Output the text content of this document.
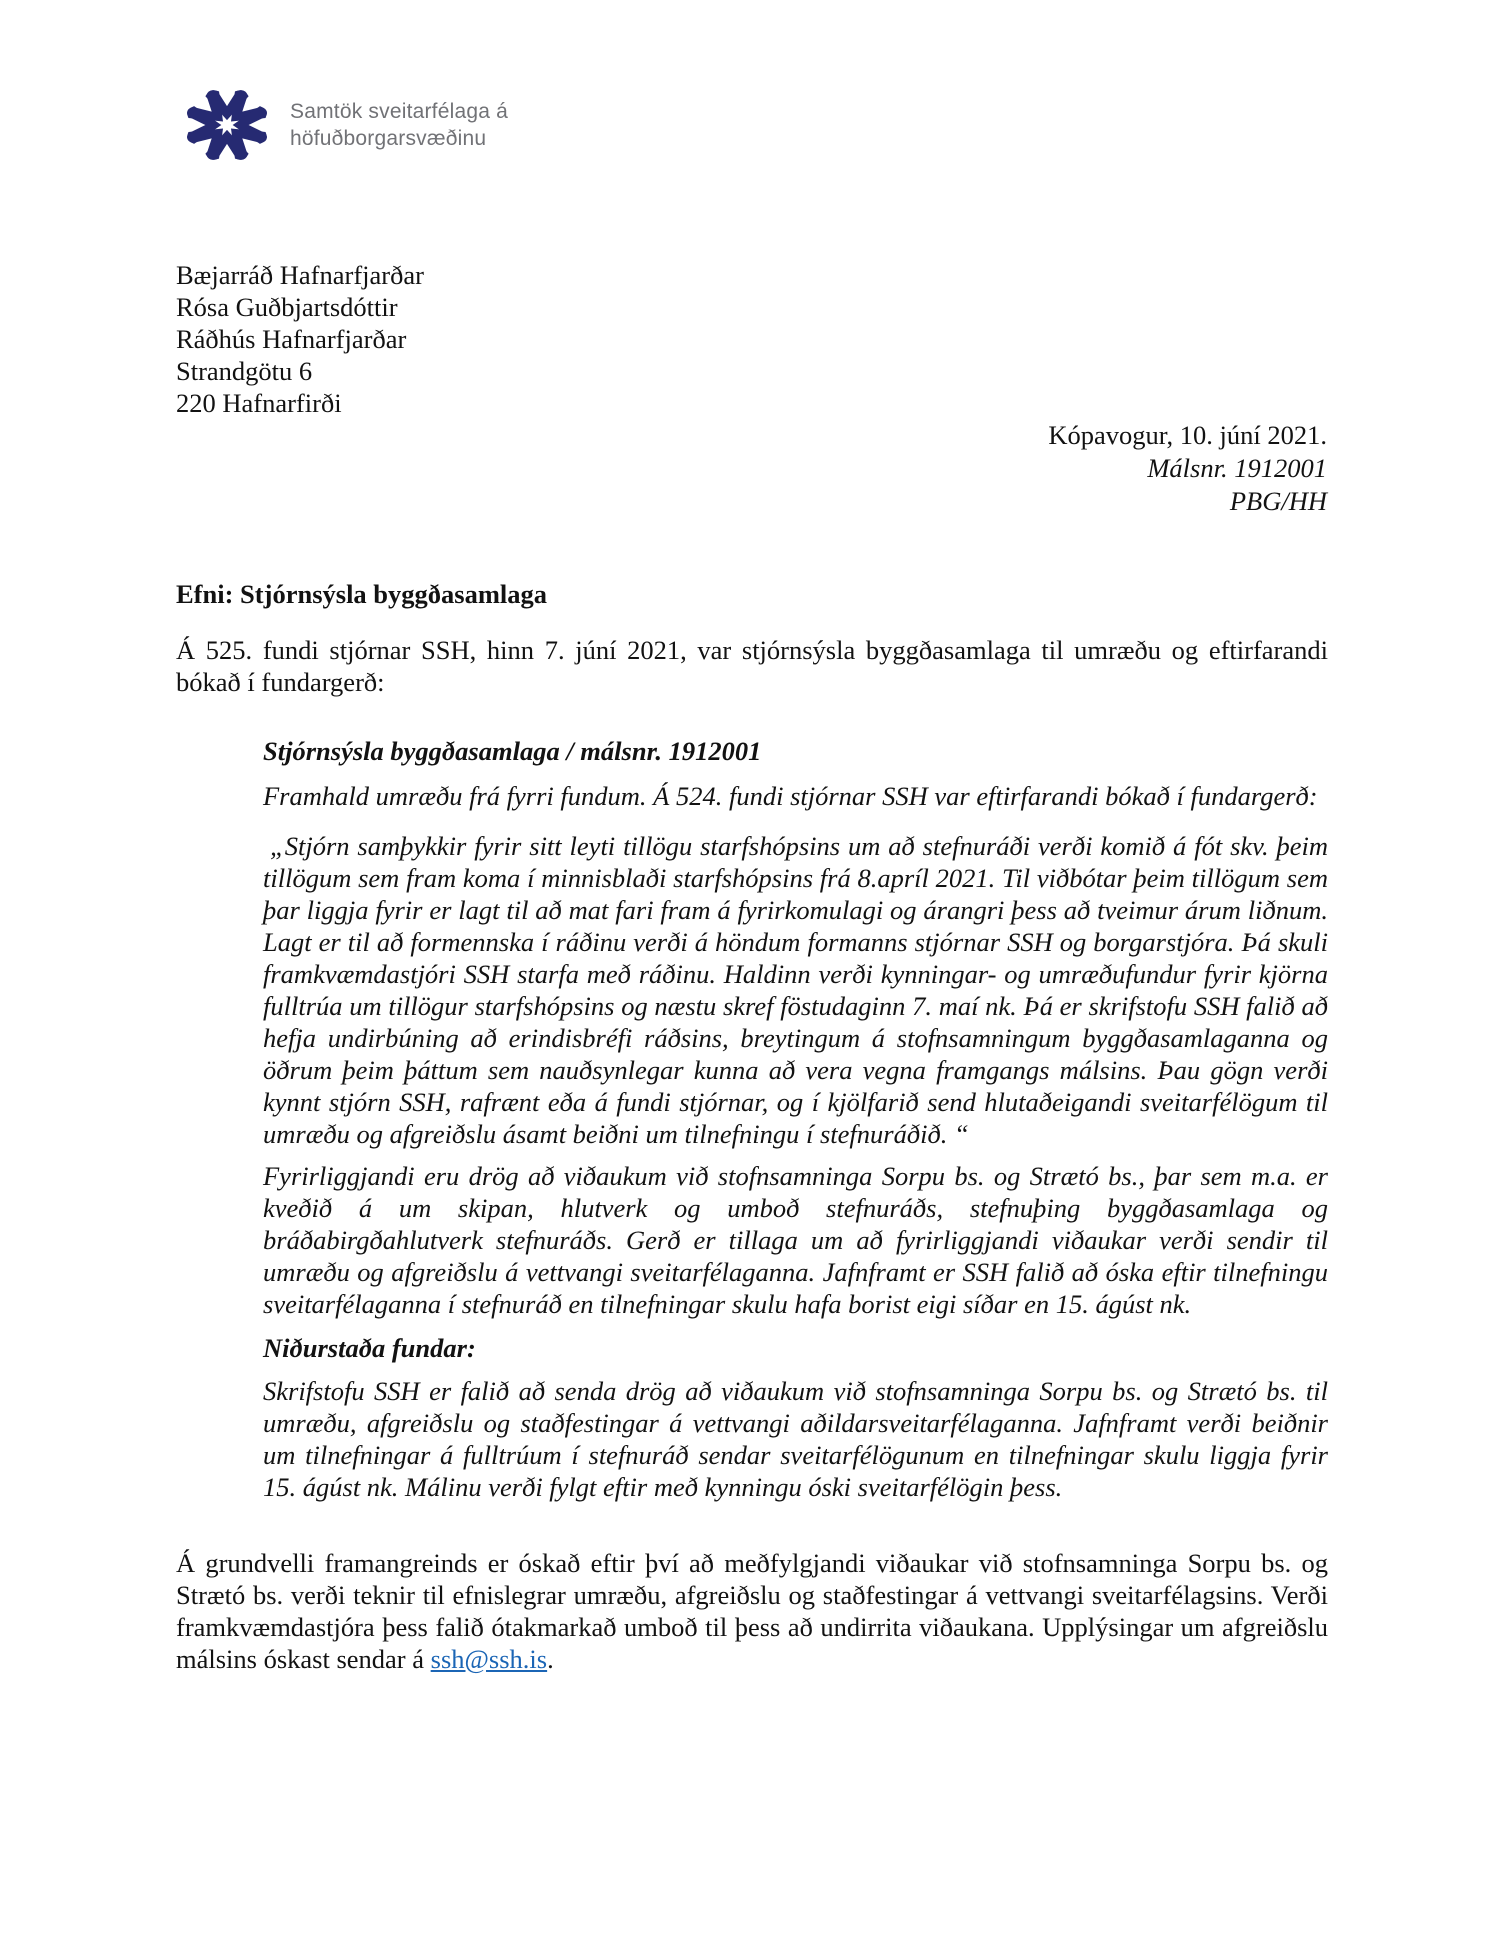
Samtök sveitarfélaga á
höfuðborgarsvæðinu
Bæjarráð Hafnarfjarðar
Rósa Guðbjartsdóttir
Ráðhús Hafnarfjarðar
Strandgötu 6
220 Hafnarfirði
Kópavogur, 10. júní 2021.
Málsnr. 1912001
PBG/HH
Efni: Stjórnsýsla byggðasamlaga

Á 525. fundi stjórnar SSH, hinn 7. júní 2021, var stjórnsýsla byggðasamlaga til umræðu og eftirfarandi bókað í fundargerð:

Stjórnsýsla byggðasamlaga / málsnr. 1912001

Framhald umræðu frá fyrri fundum. Á 524. fundi stjórnar SSH var eftirfarandi bókað í fundargerð:

„Stjórn samþykkir fyrir sitt leyti tillögu starfshópsins um að stefnuráði verði komið á fót skv. þeim tillögum sem fram koma í minnisblaði starfshópsins frá 8.apríl 2021. Til viðbótar þeim tillögum sem þar liggja fyrir er lagt til að mat fari fram á fyrirkomulagi og árangri þess að tveimur árum liðnum. Lagt er til að formennska í ráðinu verði á höndum formanns stjórnar SSH og borgarstjóra. Þá skuli framkvæmdastjóri SSH starfa með ráðinu. Haldinn verði kynningar- og umræðufundur fyrir kjörna fulltrúa um tillögur starfshópsins og næstu skref föstudaginn 7. maí nk. Þá er skrifstofu SSH falið að hefja undirbúning að erindisbréfi ráðsins, breytingum á stofnsamningum byggðasamlaganna og öðrum þeim þáttum sem nauðsynlegar kunna að vera vegna framgangs málsins. Þau gögn verði kynnt stjórn SSH, rafrænt eða á fundi stjórnar, og í kjölfarið send hlutaðeigandi sveitarfélögum til umræðu og afgreiðslu ásamt beiðni um tilnefningu í stefnuráðið. “

Fyrirliggjandi eru drög að viðaukum við stofnsamninga Sorpu bs. og Strætó bs., þar sem m.a. er kveðið á um skipan, hlutverk og umboð stefnuráðs, stefnuþing byggðasamlaga og bráðabirgðahlutverk stefnuráðs. Gerð er tillaga um að fyrirliggjandi viðaukar verði sendir til umræðu og afgreiðslu á vettvangi sveitarfélaganna. Jafnframt er SSH falið að óska eftir tilnefningu sveitarfélaganna í stefnuráð en tilnefningar skulu hafa borist eigi síðar en 15. ágúst nk.

Niðurstaða fundar:

Skrifstofu SSH er falið að senda drög að viðaukum við stofnsamninga Sorpu bs. og Strætó bs. til umræðu, afgreiðslu og staðfestingar á vettvangi aðildarsveitarfélaganna. Jafnframt verði beiðnir um tilnefningar á fulltrúum í stefnuráð sendar sveitarfélögunum en tilnefningar skulu liggja fyrir 15. ágúst nk. Málinu verði fylgt eftir með kynningu óski sveitarfélögin þess.

Á grundvelli framangreinds er óskað eftir því að meðfylgjandi viðaukar við stofnsamninga Sorpu bs. og Strætó bs. verði teknir til efnislegrar umræðu, afgreiðslu og staðfestingar á vettvangi sveitarfélagsins. Verði framkvæmdastjóra þess falið ótakmarkað umboð til þess að undirrita viðaukana. Upplýsingar um afgreiðslu málsins óskast sendar á ssh@ssh.is.
